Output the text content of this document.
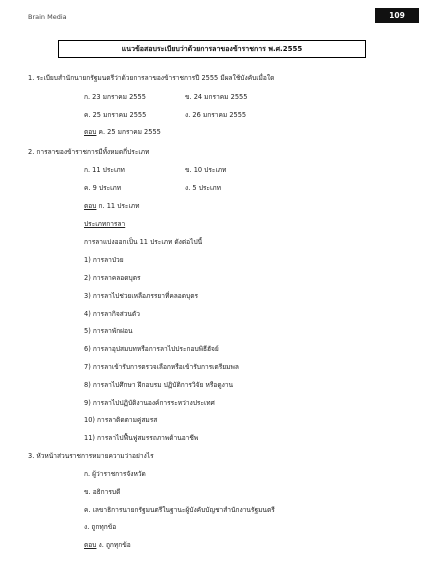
Brain Media	109
แนวข้อสอบระเบียบว่าด้วยการลาของข้าราชการ พ.ศ.2555
1. ระเบียบสำนักนายกรัฐมนตรีว่าด้วยการลาของข้าราชการปี 2555 มีผลใช้บังคับเมื่อใด
ก. 23 มกราคม 2555	ข. 24 มกราคม 2555
ค. 25 มกราคม 2555	ง. 26 มกราคม 2555
ตอบ ค. 25 มกราคม 2555
2. การลาของข้าราชการมีทั้งหมดกี่ประเภท
ก. 11 ประเภท	ข. 10 ประเภท
ค. 9 ประเภท	ง. 5 ประเภท
ตอบ ก. 11 ประเภท
ประเภทการลา
การลาแบ่งออกเป็น 11 ประเภท ดังต่อไปนี้
1) การลาป่วย
2) การลาคลอดบุตร
3) การลาไปช่วยเหลือภรรยาที่คลอดบุตร
4) การลากิจส่วนตัว
5) การลาพักผ่อน
6) การลาอุปสมบทหรือการลาไปประกอบพิธีฮัจย์
7) การลาเข้ารับการตรวจเลือกหรือเข้ารับการเตรียมพล
8) การลาไปศึกษา ฝึกอบรม ปฏิบัติการวิจัย หรือดูงาน
9) การลาไปปฏิบัติงานองค์การระหว่างประเทศ
10) การลาติดตามคู่สมรส
11) การลาไปฟื้นฟูสมรรถภาพด้านอาชีพ
3. หัวหน้าส่วนราชการหมายความว่าอย่างไร
ก. ผู้ว่าราชการจังหวัด
ข. อธิการบดี
ค. เลขาธิการนายกรัฐมนตรีในฐานะผู้บังคับบัญชาสำนักงานรัฐมนตรี
ง. ถูกทุกข้อ
ตอบ ง. ถูกทุกข้อ
